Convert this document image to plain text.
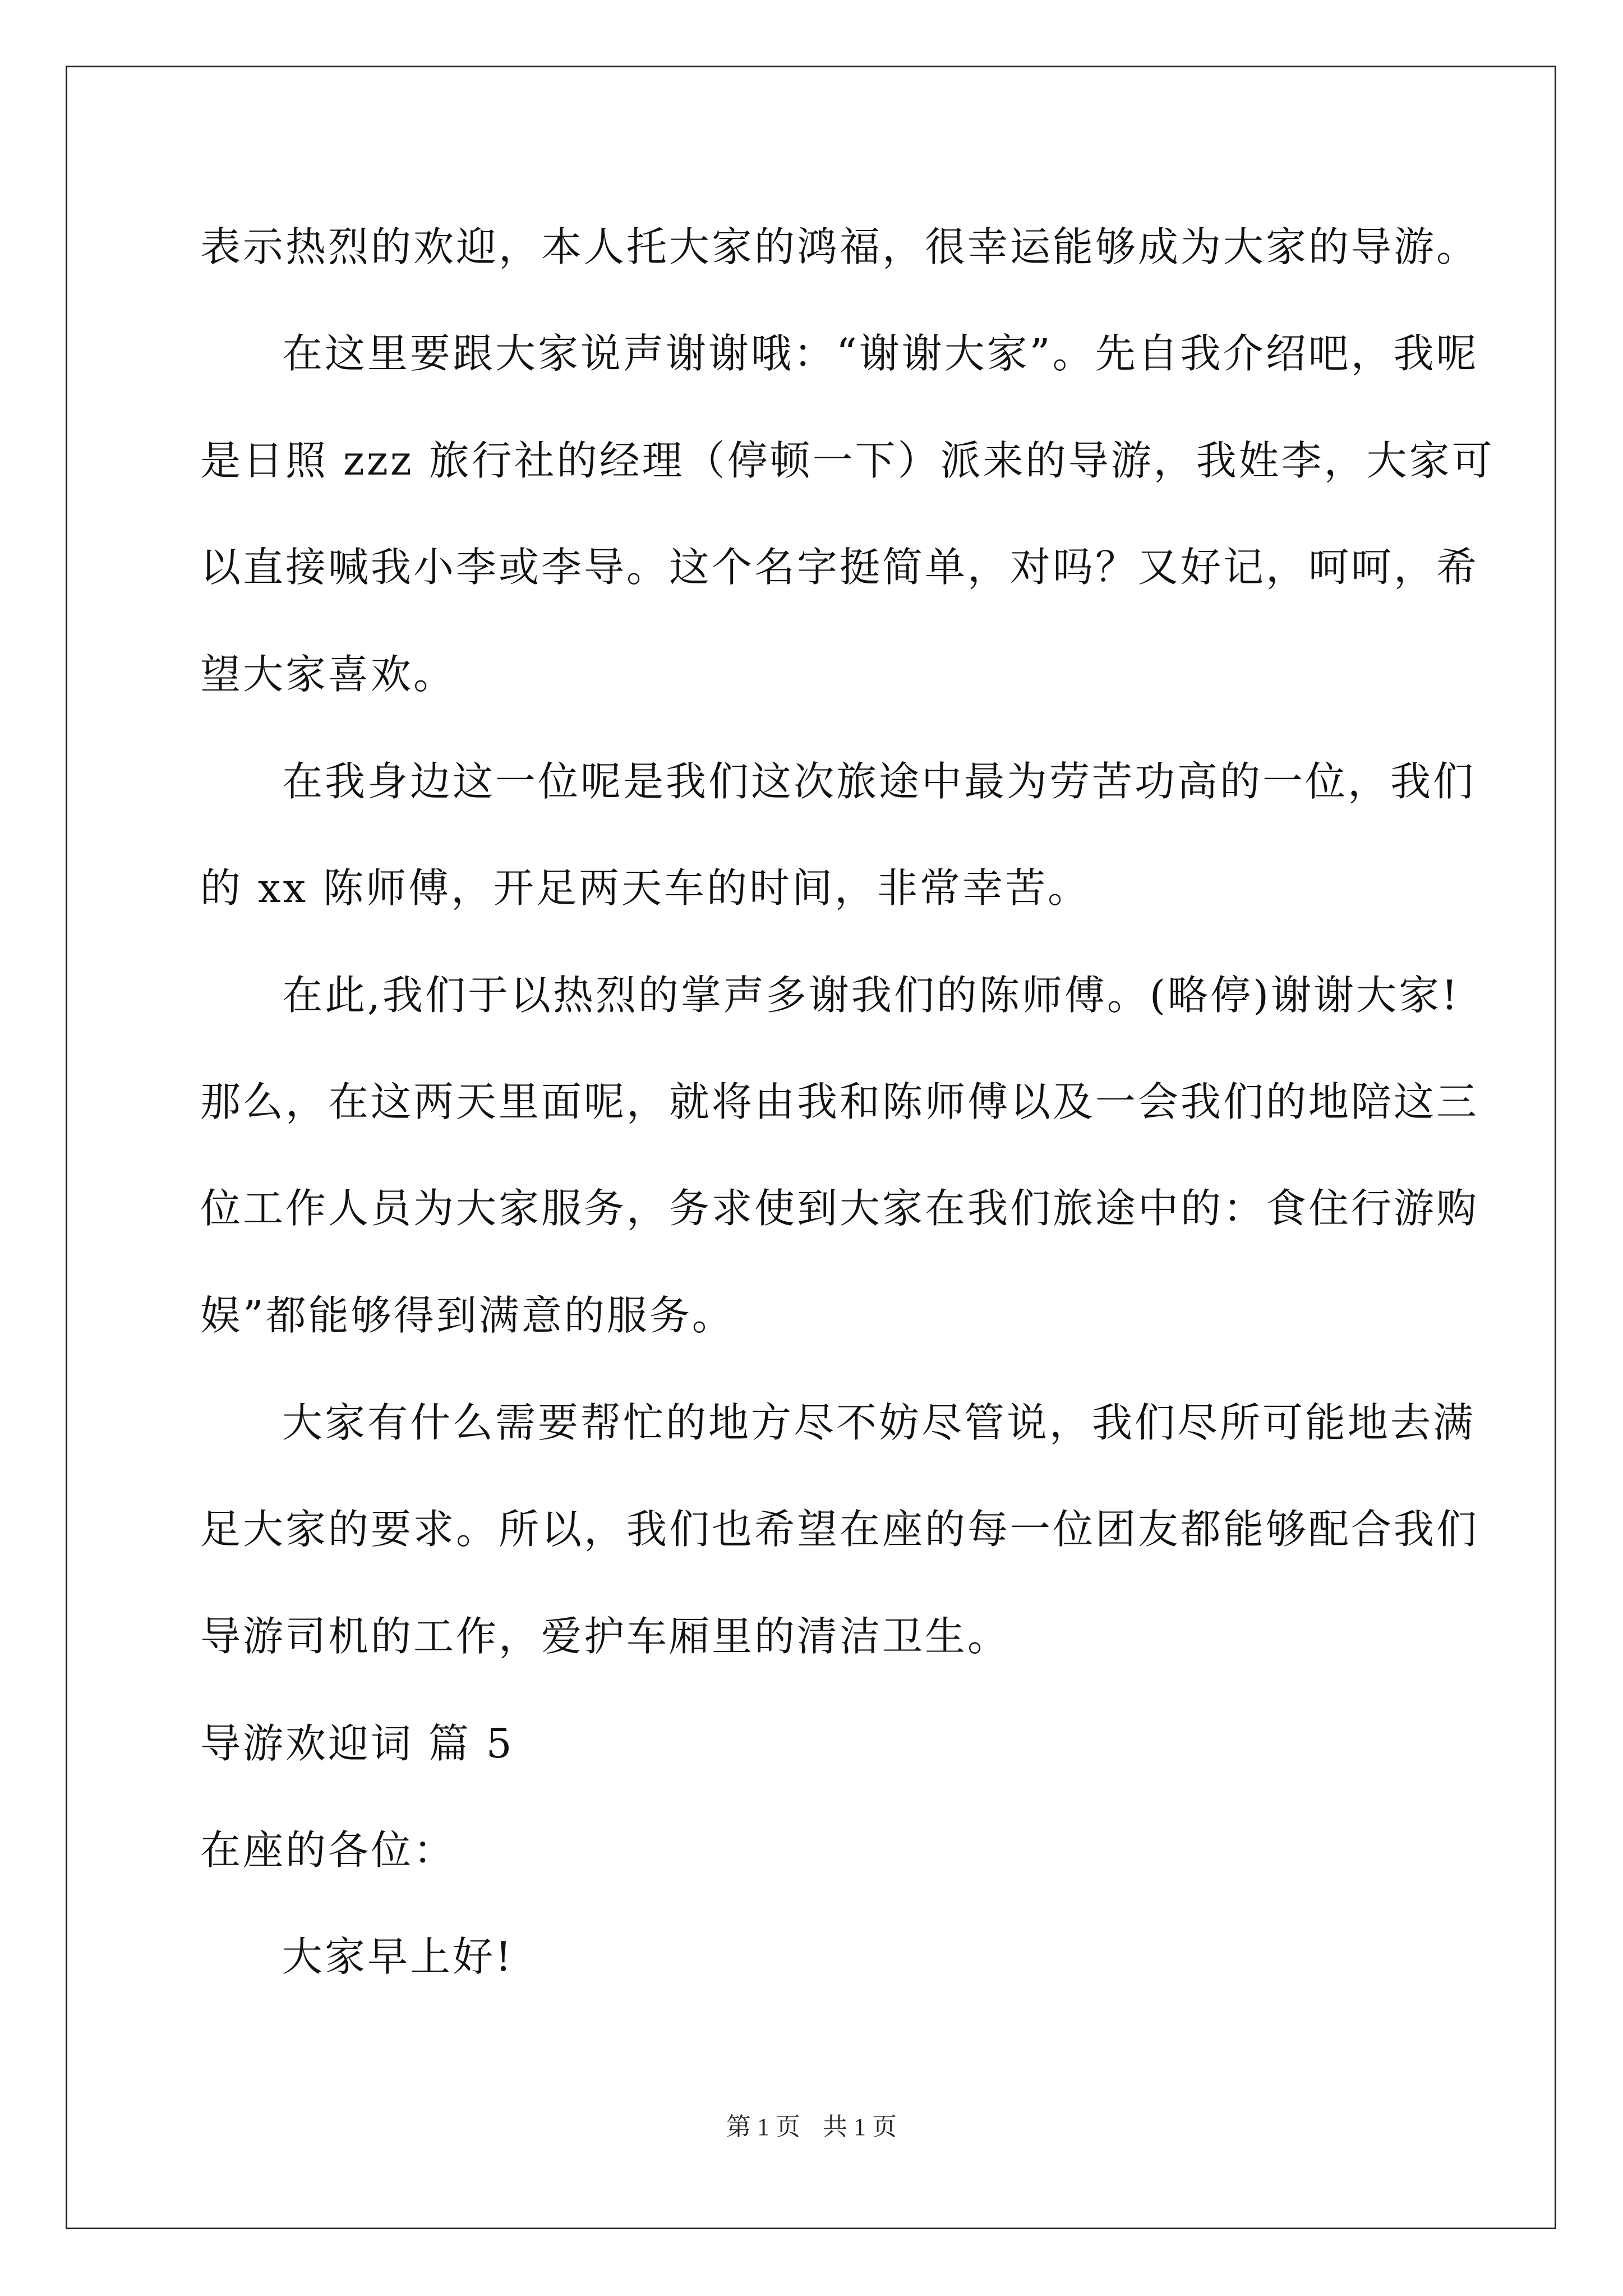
表示热烈的欢迎，本人托大家的鸿福，很幸运能够成为大家的导游。
在这里要跟大家说声谢谢哦：“谢谢大家”。先自我介绍吧，我呢
是日照 zzz 旅行社的经理（停顿一下）派来的导游，我姓李，大家可
以直接喊我小李或李导。这个名字挺简单，对吗？又好记，呵呵，希
望大家喜欢。
在我身边这一位呢是我们这次旅途中最为劳苦功高的一位，我们
的 xx 陈师傅，开足两天车的时间，非常幸苦。
在此,我们于以热烈的掌声多谢我们的陈师傅。(略停)谢谢大家!
那么，在这两天里面呢，就将由我和陈师傅以及一会我们的地陪这三
位工作人员为大家服务，务求使到大家在我们旅途中的：食住行游购
娱”都能够得到满意的服务。
大家有什么需要帮忙的地方尽不妨尽管说，我们尽所可能地去满
足大家的要求。所以，我们也希望在座的每一位团友都能够配合我们
导游司机的工作，爱护车厢里的清洁卫生。
导游欢迎词 篇 5
在座的各位：
大家早上好!
第 1 页 共 1 页
